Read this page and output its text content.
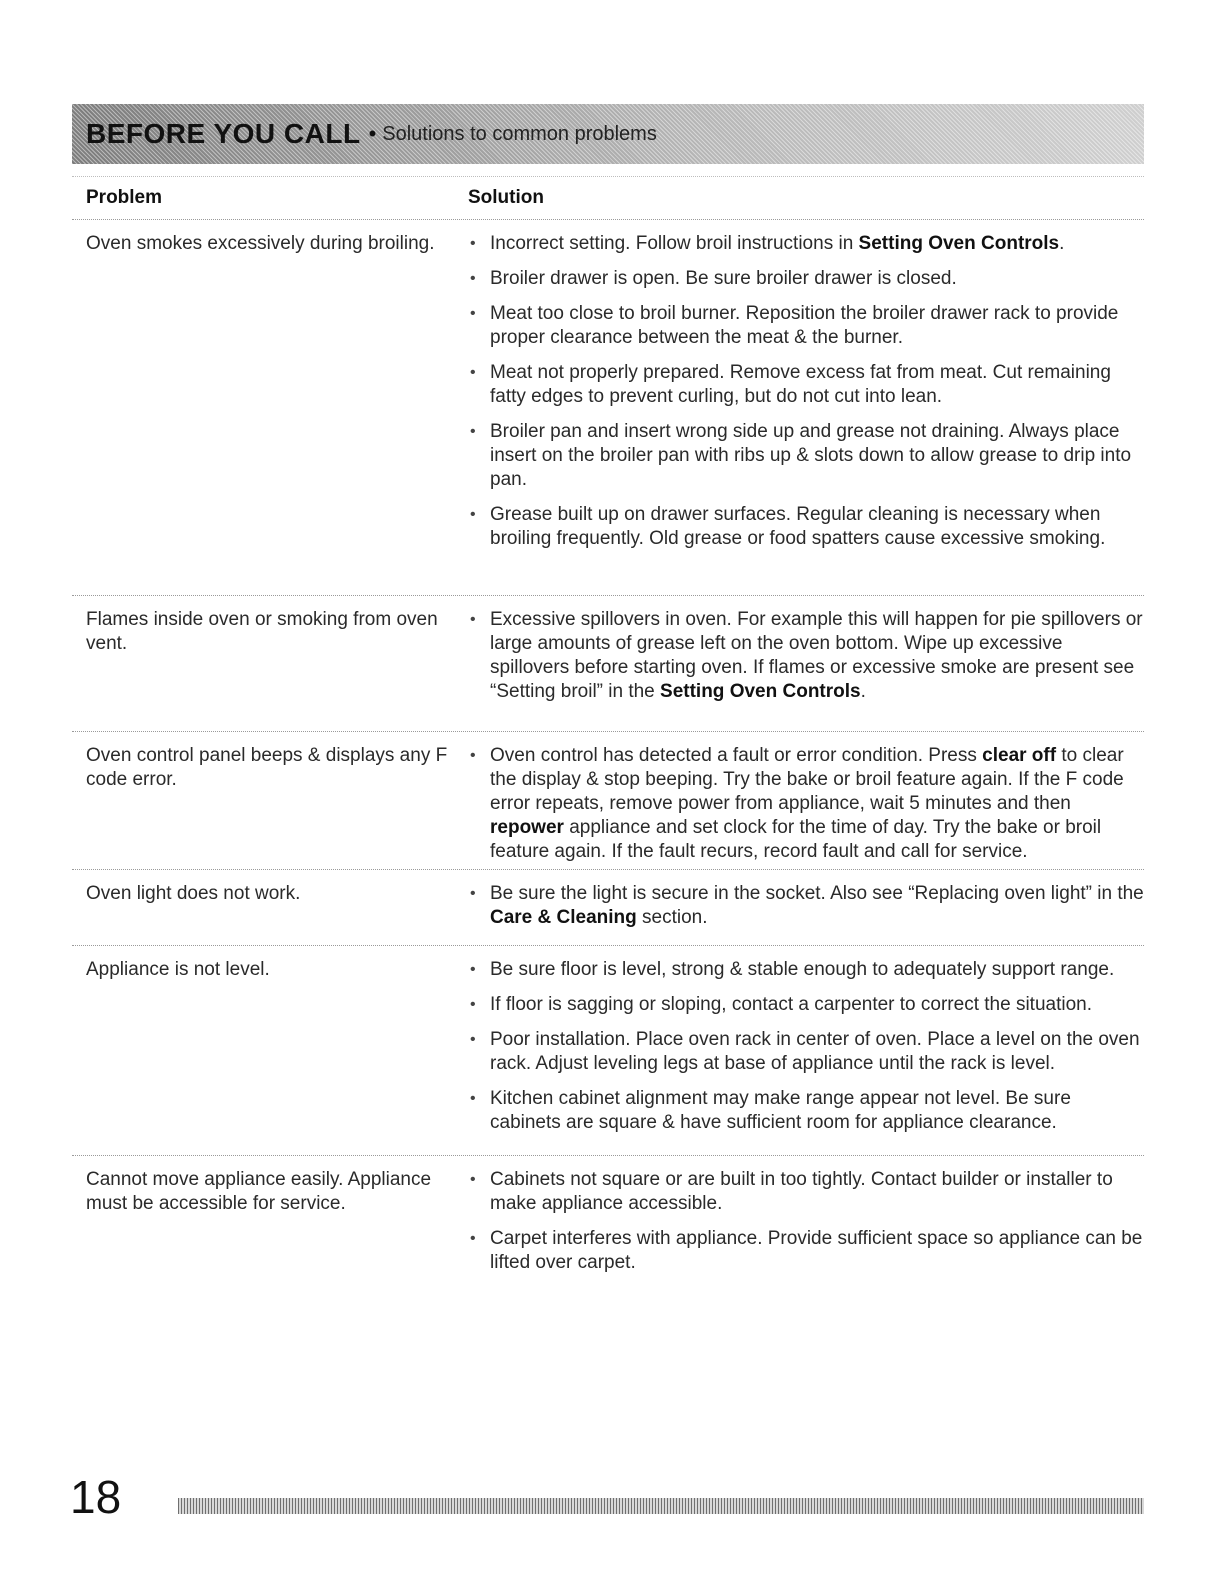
BEFORE YOU CALL • Solutions to common problems
Problem	Solution
Oven smokes excessively during broiling.	• Incorrect setting. Follow broil instructions in Setting Oven Controls.
• Broiler drawer is open. Be sure broiler drawer is closed.
• Meat too close to broil burner. Reposition the broiler drawer rack to provide proper clearance between the meat & the burner.
• Meat not properly prepared. Remove excess fat from meat. Cut remaining fatty edges to prevent curling, but do not cut into lean.
• Broiler pan and insert wrong side up and grease not draining. Always place insert on the broiler pan with ribs up & slots down to allow grease to drip into pan.
• Grease built up on drawer surfaces. Regular cleaning is necessary when broiling frequently. Old grease or food spatters cause excessive smoking.
Flames inside oven or smoking from oven vent.
• Excessive spillovers in oven. For example this will happen for pie spillovers or large amounts of grease left on the oven bottom. Wipe up excessive spillovers before starting oven. If flames or excessive smoke are present see “Setting broil” in the Setting Oven Controls.
Oven control panel beeps & displays any F code error.
• Oven control has detected a fault or error condition. Press clear off to clear the display & stop beeping. Try the bake or broil feature again. If the F code error repeats, remove power from appliance, wait 5 minutes and then repower appliance and set clock for the time of day. Try the bake or broil feature again. If the fault recurs, record fault and call for service.
Oven light does not work.	• Be sure the light is secure in the socket. Also see “Replacing oven light” in the Care & Cleaning section.
Appliance is not level.	• Be sure floor is level, strong & stable enough to adequately support range.
• If floor is sagging or sloping, contact a carpenter to correct the situation.
• Poor installation. Place oven rack in center of oven. Place a level on the oven rack. Adjust leveling legs at base of appliance until the rack is level.
• Kitchen cabinet alignment may make range appear not level. Be sure cabinets are square & have sufficient room for appliance clearance.
Cannot move appliance easily. Appliance must be accessible for service.
• Cabinets not square or are built in too tightly. Contact builder or installer to make appliance accessible.
• Carpet interferes with appliance. Provide sufficient space so appliance can be lifted over carpet.
18
